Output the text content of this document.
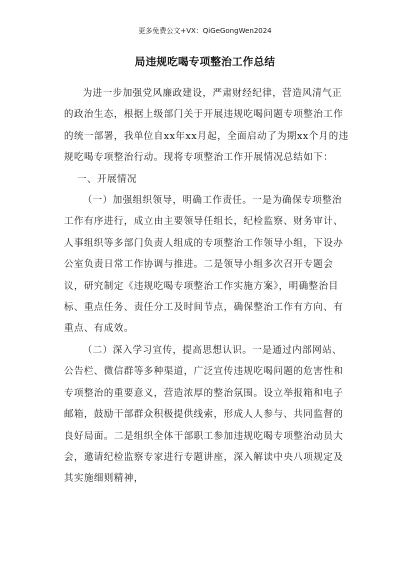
更多免费公文+VX：QiGeGongWen2024
局违规吃喝专项整治工作总结

为进一步加强党风廉政建设，严肃财经纪律，营造风清气正的政治生态，根据上级部门关于开展违规吃喝问题专项整治工作的统一部署，我单位自xx年xx月起，全面启动了为期xx个月的违规吃喝专项整治行动。现将专项整治工作开展情况总结如下：

一、开展情况

（一）加强组织领导，明确工作责任。一是为确保专项整治工作有序进行，成立由主要领导任组长，纪检监察、财务审计、人事组织等多部门负责人组成的专项整治工作领导小组，下设办公室负责日常工作协调与推进。二是领导小组多次召开专题会议，研究制定《违规吃喝专项整治工作实施方案》，明确整治目标、重点任务、责任分工及时间节点，确保整治工作有方向、有重点、有成效。

（二）深入学习宣传，提高思想认识。一是通过内部网站、公告栏、微信群等多种渠道，广泛宣传违规吃喝问题的危害性和专项整治的重要意义，营造浓厚的整治氛围。设立举报箱和电子邮箱，鼓励干部群众积极提供线索，形成人人参与、共同监督的良好局面。二是组织全体干部职工参加违规吃喝专项整治动员大会，邀请纪检监察专家进行专题讲座，深入解读中央八项规定及其实施细则精神，
